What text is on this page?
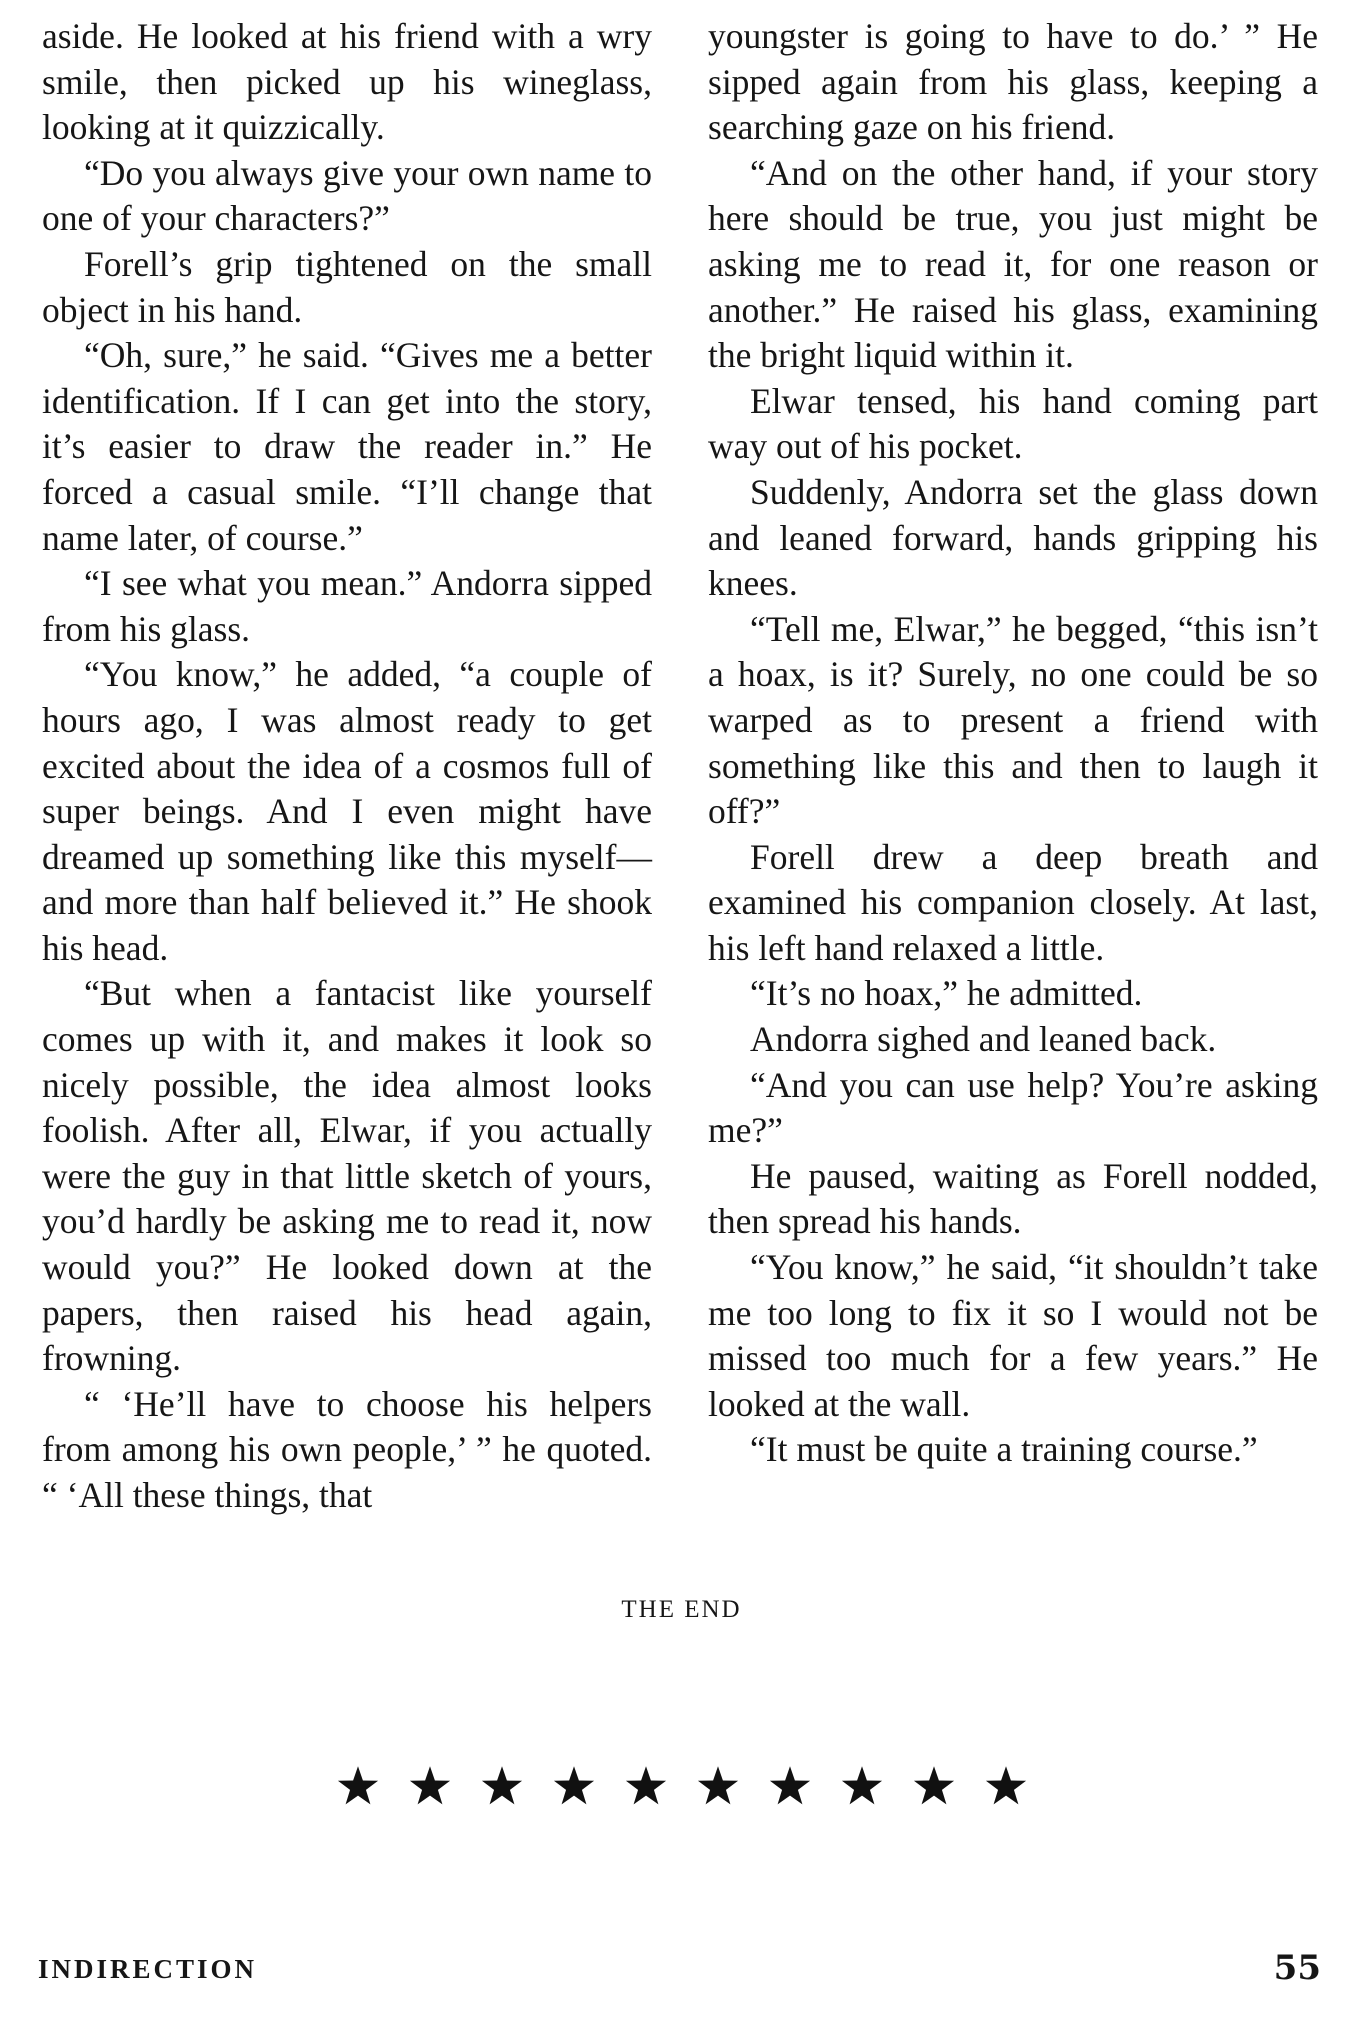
aside. He looked at his friend with a wry smile, then picked up his wineglass, looking at it quizzically.

“Do you always give your own name to one of your characters?”

Forell’s grip tightened on the small object in his hand.

“Oh, sure,” he said. “Gives me a better identification. If I can get into the story, it’s easier to draw the reader in.” He forced a casual smile. “I’ll change that name later, of course.”

“I see what you mean.” Andorra sipped from his glass.

“You know,” he added, “a couple of hours ago, I was almost ready to get excited about the idea of a cosmos full of super beings. And I even might have dreamed up something like this myself—and more than half believed it.” He shook his head.

“But when a fantacist like yourself comes up with it, and makes it look so nicely possible, the idea almost looks foolish. After all, Elwar, if you actually were the guy in that little sketch of yours, you’d hardly be asking me to read it, now would you?” He looked down at the papers, then raised his head again, frowning.

“ ‘He’ll have to choose his helpers from among his own people,’ ” he quoted. “ ‘All these things, that

youngster is going to have to do.’ ” He sipped again from his glass, keeping a searching gaze on his friend.

“And on the other hand, if your story here should be true, you just might be asking me to read it, for one reason or another.” He raised his glass, examining the bright liquid within it.

Elwar tensed, his hand coming part way out of his pocket.

Suddenly, Andorra set the glass down and leaned forward, hands gripping his knees.

“Tell me, Elwar,” he begged, “this isn’t a hoax, is it? Surely, no one could be so warped as to present a friend with something like this and then to laugh it off?”

Forell drew a deep breath and examined his companion closely. At last, his left hand relaxed a little.

“It’s no hoax,” he admitted.

Andorra sighed and leaned back.

“And you can use help? You’re asking me?”

He paused, waiting as Forell nodded, then spread his hands.

“You know,” he said, “it shouldn’t take me too long to fix it so I would not be missed too much for a few years.” He looked at the wall.

“It must be quite a training course.”

THE END

INDIRECTION	55
